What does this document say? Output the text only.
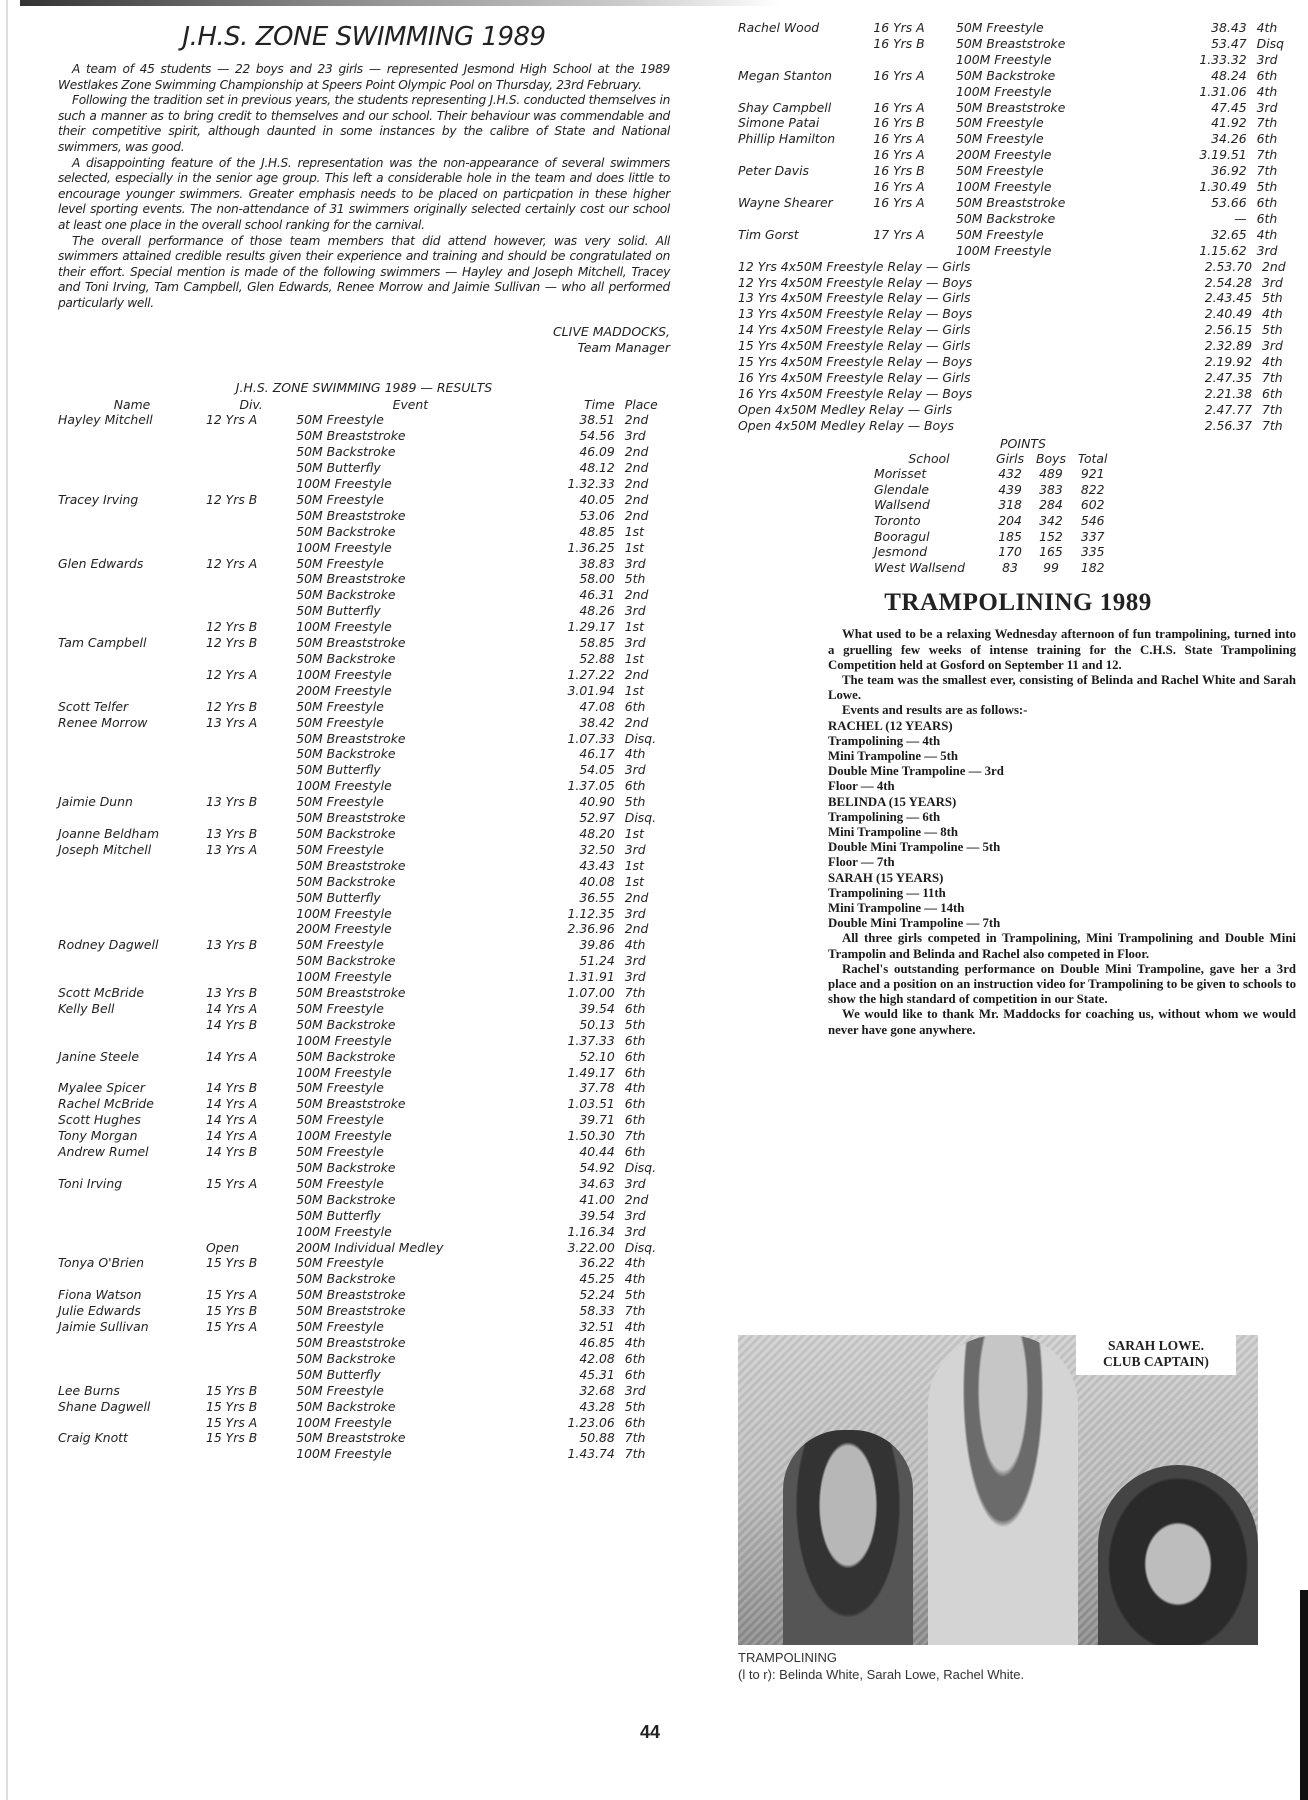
J.H.S. ZONE SWIMMING 1989

A team of 45 students — 22 boys and 23 girls — represented Jesmond High School at the 1989 Westlakes Zone Swimming Championship at Speers Point Olympic Pool on Thursday, 23rd February.

Following the tradition set in previous years, the students representing J.H.S. conducted themselves in such a manner as to bring credit to themselves and our school. Their behaviour was commendable and their competitive spirit, although daunted in some instances by the calibre of State and National swimmers, was good.

A disappointing feature of the J.H.S. representation was the non-appearance of several swimmers selected, especially in the senior age group. This left a considerable hole in the team and does little to encourage younger swimmers. Greater emphasis needs to be placed on particpation in these higher level sporting events. The non-attendance of 31 swimmers originally selected certainly cost our school at least one place in the overall school ranking for the carnival.

The overall performance of those team members that did attend however, was very solid. All swimmers attained credible results given their experience and training and should be congratulated on their effort. Special mention is made of the following swimmers — Hayley and Joseph Mitchell, Tracey and Toni Irving, Tam Campbell, Glen Edwards, Renee Morrow and Jaimie Sullivan — who all performed particularly well.

CLIVE MADDOCKS,
Team Manager
J.H.S. ZONE SWIMMING 1989 — RESULTS
Name	Div.	Event	Time	Place
Hayley Mitchell	12 Yrs A	50M Freestyle	38.51	2nd
		50M Breaststroke	54.56	3rd
		50M Backstroke	46.09	2nd
		50M Butterfly	48.12	2nd
		100M Freestyle	1.32.33	2nd
Tracey Irving	12 Yrs B	50M Freestyle	40.05	2nd
		50M Breaststroke	53.06	2nd
		50M Backstroke	48.85	1st
		100M Freestyle	1.36.25	1st
Glen Edwards	12 Yrs A	50M Freestyle	38.83	3rd
		50M Breaststroke	58.00	5th
		50M Backstroke	46.31	2nd
		50M Butterfly	48.26	3rd
	12 Yrs B	100M Freestyle	1.29.17	1st
Tam Campbell	12 Yrs B	50M Breaststroke	58.85	3rd
		50M Backstroke	52.88	1st
	12 Yrs A	100M Freestyle	1.27.22	2nd
		200M Freestyle	3.01.94	1st
Scott Telfer	12 Yrs B	50M Freestyle	47.08	6th
Renee Morrow	13 Yrs A	50M Freestyle	38.42	2nd
		50M Breaststroke	1.07.33	Disq.
		50M Backstroke	46.17	4th
		50M Butterfly	54.05	3rd
		100M Freestyle	1.37.05	6th
Jaimie Dunn	13 Yrs B	50M Freestyle	40.90	5th
		50M Breaststroke	52.97	Disq.
Joanne Beldham	13 Yrs B	50M Backstroke	48.20	1st
Joseph Mitchell	13 Yrs A	50M Freestyle	32.50	3rd
		50M Breaststroke	43.43	1st
		50M Backstroke	40.08	1st
		50M Butterfly	36.55	2nd
		100M Freestyle	1.12.35	3rd
		200M Freestyle	2.36.96	2nd
Rodney Dagwell	13 Yrs B	50M Freestyle	39.86	4th
		50M Backstroke	51.24	3rd
		100M Freestyle	1.31.91	3rd
Scott McBride	13 Yrs B	50M Breaststroke	1.07.00	7th
Kelly Bell	14 Yrs A	50M Freestyle	39.54	6th
	14 Yrs B	50M Backstroke	50.13	5th
		100M Freestyle	1.37.33	6th
Janine Steele	14 Yrs A	50M Backstroke	52.10	6th
		100M Freestyle	1.49.17	6th
Myalee Spicer	14 Yrs B	50M Freestyle	37.78	4th
Rachel McBride	14 Yrs A	50M Breaststroke	1.03.51	6th
Scott Hughes	14 Yrs A	50M Freestyle	39.71	6th
Tony Morgan	14 Yrs A	100M Freestyle	1.50.30	7th
Andrew Rumel	14 Yrs B	50M Freestyle	40.44	6th
		50M Backstroke	54.92	Disq.
Toni Irving	15 Yrs A	50M Freestyle	34.63	3rd
		50M Backstroke	41.00	2nd
		50M Butterfly	39.54	3rd
		100M Freestyle	1.16.34	3rd
	Open	200M Individual Medley	3.22.00	Disq.
Tonya O'Brien	15 Yrs B	50M Freestyle	36.22	4th
		50M Backstroke	45.25	4th
Fiona Watson	15 Yrs A	50M Breaststroke	52.24	5th
Julie Edwards	15 Yrs B	50M Breaststroke	58.33	7th
Jaimie Sullivan	15 Yrs A	50M Freestyle	32.51	4th
		50M Breaststroke	46.85	4th
		50M Backstroke	42.08	6th
		50M Butterfly	45.31	6th
Lee Burns	15 Yrs B	50M Freestyle	32.68	3rd
Shane Dagwell	15 Yrs B	50M Backstroke	43.28	5th
	15 Yrs A	100M Freestyle	1.23.06	6th
Craig Knott	15 Yrs B	50M Breaststroke	50.88	7th
		100M Freestyle	1.43.74	7th
Rachel Wood	16 Yrs A	50M Freestyle	38.43	4th
	16 Yrs B	50M Breaststroke	53.47	Disq
		100M Freestyle	1.33.32	3rd
Megan Stanton	16 Yrs A	50M Backstroke	48.24	6th
		100M Freestyle	1.31.06	4th
Shay Campbell	16 Yrs A	50M Breaststroke	47.45	3rd
Simone Patai	16 Yrs B	50M Freestyle	41.92	7th
Phillip Hamilton	16 Yrs A	50M Freestyle	34.26	6th
	16 Yrs A	200M Freestyle	3.19.51	7th
Peter Davis	16 Yrs B	50M Freestyle	36.92	7th
	16 Yrs A	100M Freestyle	1.30.49	5th
Wayne Shearer	16 Yrs A	50M Breaststroke	53.66	6th
		50M Backstroke	—	6th
Tim Gorst	17 Yrs A	50M Freestyle	32.65	4th
		100M Freestyle	1.15.62	3rd
12 Yrs 4x50M Freestyle Relay — Girls	2.53.70	2nd
12 Yrs 4x50M Freestyle Relay — Boys	2.54.28	3rd
13 Yrs 4x50M Freestyle Relay — Girls	2.43.45	5th
13 Yrs 4x50M Freestyle Relay — Boys	2.40.49	4th
14 Yrs 4x50M Freestyle Relay — Girls	2.56.15	5th
15 Yrs 4x50M Freestyle Relay — Girls	2.32.89	3rd
15 Yrs 4x50M Freestyle Relay — Boys	2.19.92	4th
16 Yrs 4x50M Freestyle Relay — Girls	2.47.35	7th
16 Yrs 4x50M Freestyle Relay — Boys	2.21.38	6th
Open 4x50M Medley Relay — Girls	2.47.77	7th
Open 4x50M Medley Relay — Boys	2.56.37	7th
POINTS
School	Girls	Boys	Total
Morisset	432	489	921
Glendale	439	383	822
Wallsend	318	284	602
Toronto	204	342	546
Booragul	185	152	337
Jesmond	170	165	335
West Wallsend	83	99	182
TRAMPOLINING 1989

What used to be a relaxing Wednesday afternoon of fun trampolining, turned into a gruelling few weeks of intense training for the C.H.S. State Trampolining Competition held at Gosford on September 11 and 12.

The team was the smallest ever, consisting of Belinda and Rachel White and Sarah Lowe.

Events and results are as follows:-

RACHEL (12 YEARS)
Trampolining — 4th
Mini Trampoline — 5th
Double Mine Trampoline — 3rd
Floor — 4th
BELINDA (15 YEARS)
Trampolining — 6th
Mini Trampoline — 8th
Double Mini Trampoline — 5th
Floor — 7th
SARAH (15 YEARS)
Trampolining — 11th
Mini Trampoline — 14th
Double Mini Trampoline — 7th

All three girls competed in Trampolining, Mini Trampolining and Double Mini Trampolin and Belinda and Rachel also competed in Floor.

Rachel's outstanding performance on Double Mini Trampoline, gave her a 3rd place and a position on an instruction video for Trampolining to be given to schools to show the high standard of competition in our State.

We would like to thank Mr. Maddocks for coaching us, without whom we would never have gone anywhere.

SARAH LOWE.
CLUB CAPTAIN)
TRAMPOLINING
(l to r): Belinda White, Sarah Lowe, Rachel White.
44
